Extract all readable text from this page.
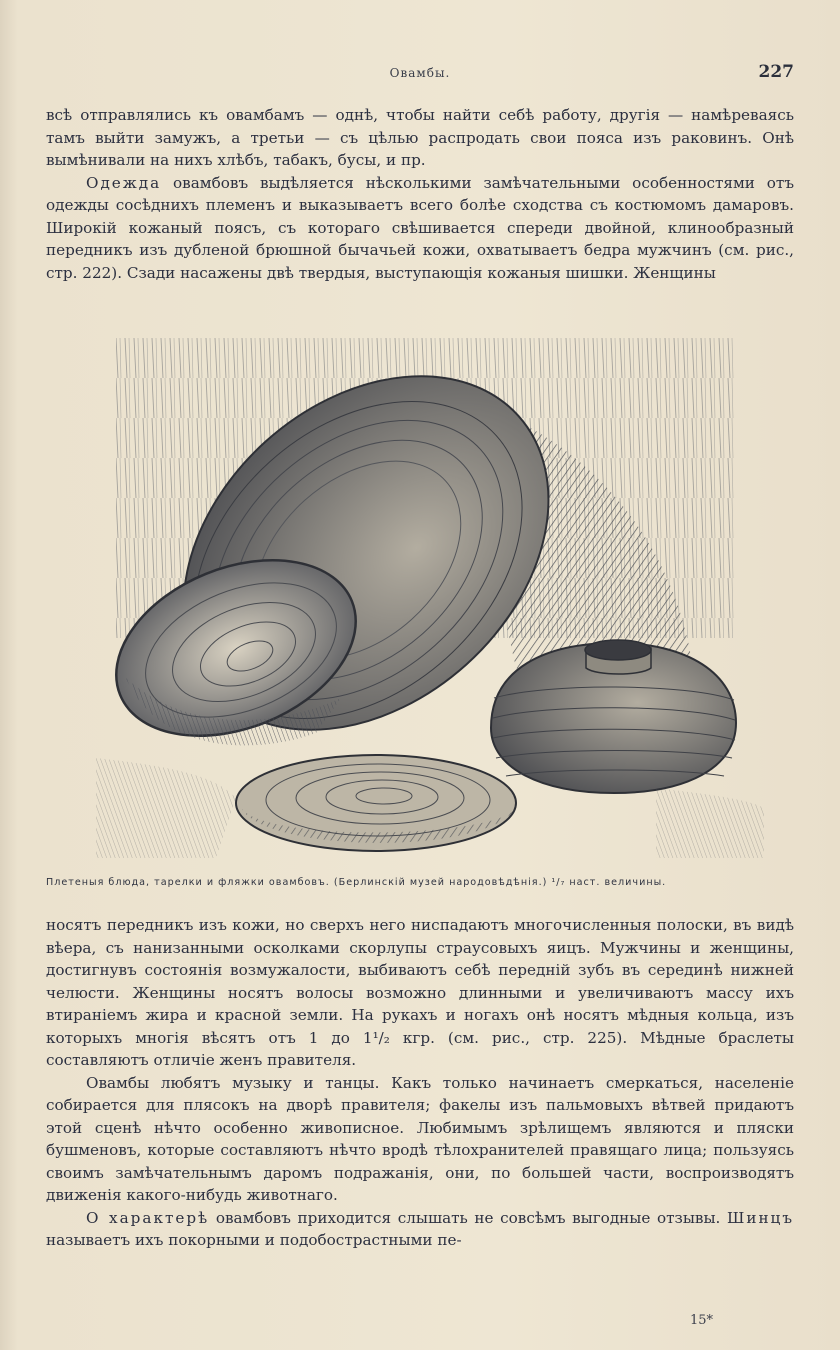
Овамбы.	227

всѣ отправлялись къ овамбамъ — однѣ, чтобы найти себѣ работу, другія — намѣреваясь тамъ выйти замужъ, а третьи — съ цѣлью распродать свои пояса изъ раковинъ. Онѣ вымѣнивали на нихъ хлѣбъ, табакъ, бусы, и пр.

Одежда овамбовъ выдѣляется нѣсколькими замѣчательными особенностями отъ одежды сосѣднихъ племенъ и выказываетъ всего болѣе сходства съ костюмомъ дамаровъ. Широкій кожаный поясъ, съ котораго свѣшивается спереди двойной, клинообразный передникъ изъ дубленой брюшной бычачьей кожи, охватываетъ бедра мужчинъ (см. рис., стр. 222). Сзади насажены двѣ твердыя, выступающія кожаныя шишки. Женщины

Плетеныя блюда, тарелки и фляжки овамбовъ. (Берлинскій музей народовѣдѣнія.) ¹/₇ наст. величины.

носятъ передникъ изъ кожи, но сверхъ него ниспадаютъ многочисленныя полоски, въ видѣ вѣера, съ нанизанными осколками скорлупы страусовыхъ яицъ. Мужчины и женщины, достигнувъ состоянія возмужалости, выбиваютъ себѣ передній зубъ въ серединѣ нижней челюсти. Женщины носятъ волосы возможно длинными и увеличиваютъ массу ихъ втираніемъ жира и красной земли. На рукахъ и ногахъ онѣ носятъ мѣдныя кольца, изъ которыхъ многія вѣсятъ отъ 1 до 1¹/₂ кгр. (см. рис., стр. 225). Мѣдные браслеты составляютъ отличіе женъ правителя.

Овамбы любятъ музыку и танцы. Какъ только начинаетъ смеркаться, населеніе собирается для плясокъ на дворѣ правителя; факелы изъ пальмовыхъ вѣтвей придаютъ этой сценѣ нѣчто особенно живописное. Любимымъ зрѣлищемъ являются и пляски бушменовъ, которые составляютъ нѣчто вродѣ тѣлохранителей правящаго лица; пользуясь своимъ замѣчательнымъ даромъ подражанія, они, по большей части, воспроизводятъ движенія какого-нибудь животнаго.

О характерѣ овамбовъ приходится слышать не совсѣмъ выгодные отзывы. Шинцъ называетъ ихъ покорными и подобострастными пе-

15*
